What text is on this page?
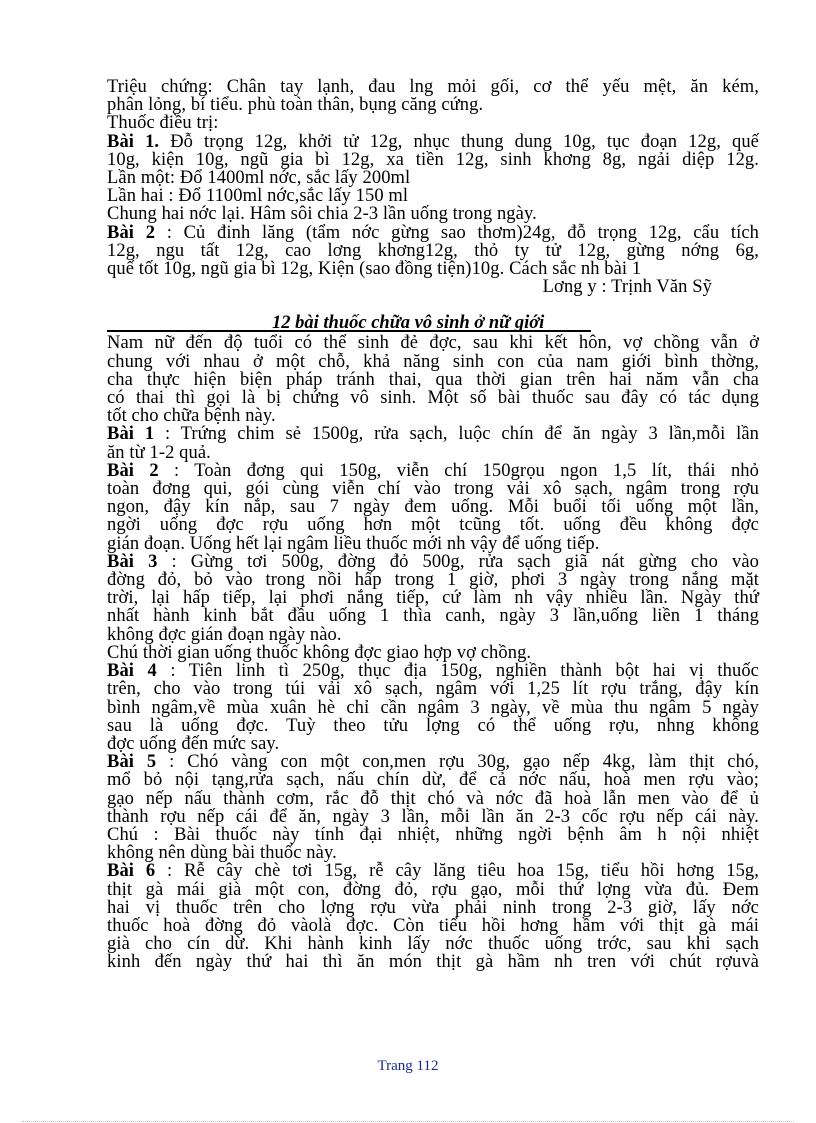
Triệu chứng: Chân tay lạnh, đau lng mỏi gối, cơ thể yếu mệt, ăn kém,
phân lỏng, bí tiểu. phù toàn thân, bụng căng cứng.
Thuốc điều trị:
Bài 1. Đỗ trọng 12g, khởi tử 12g, nhục thung dung 10g, tục đoạn 12g, quế
10g, kiện 10g, ngũ gia bì 12g, xa tiền 12g, sinh khơng 8g, ngải diệp 12g.
Lần một: Đổ 1400ml nớc, sắc lấy 200ml
Lần hai : Đổ 1100ml nớc,sắc lấy 150 ml
Chung hai nớc lại. Hâm sôi chia 2-3 lần uống trong ngày.
Bài 2 : Củ đinh lăng (tẩm nớc gừng sao thơm)24g, đỗ trọng 12g, cẩu tích
12g, ngu tất 12g, cao lơng khơng12g, thỏ ty tử 12g, gừng nớng 6g,
quế tốt 10g, ngũ gia bì 12g, Kiện (sao đồng tiện)10g. Cách sắc nh bài 1
Lơng y : Trịnh Văn Sỹ
12 bài thuốc chữa vô sinh ở nữ giới
Nam nữ đến độ tuổi có thể sinh đẻ đợc, sau khi kết hôn, vợ chồng vẫn ở
chung với nhau ở một chỗ, khả năng sinh con của nam giới bình thờng,
cha thực hiện biện pháp tránh thai, qua thời gian trên hai năm vẫn cha
có thai thì gọi là bị chứng vô sinh. Một số bài thuốc sau đây có tác dụng
tốt cho chữa bệnh này.
Bài 1 : Trứng chim sẻ 1500g, rửa sạch, luộc chín để ăn ngày 3 lần,mỗi lần
ăn từ 1-2 quả.
Bài 2 : Toàn đơng qui 150g, viễn chí 150grọu ngon 1,5 lít, thái nhỏ
toàn đơng qui, gói cùng viễn chí vào trong vải xô sạch, ngâm trong rợu
ngon, đậy kín nắp, sau 7 ngày đem uống. Mỗi buổi tối uống một lần,
ngời uống đợc rợu uống hơn một tcũng tốt. uống đều không đợc
gián đoạn. Uống hết lại ngâm liều thuốc mới nh vậy để uống tiếp.
Bài 3 : Gừng tơi 500g, đờng đỏ 500g, rửa sạch giã nát gừng cho vào
đờng đỏ, bỏ vào trong nồi hấp trong 1 giờ, phơi 3 ngày trong nắng mặt
trời, lại hấp tiếp, lại phơi nắng tiếp, cứ làm nh vậy nhiều lần. Ngày thứ
nhất hành kinh bắt đầu uống 1 thìa canh, ngày 3 lần,uống liền 1 tháng
không đợc gián đoạn ngày nào.
Chú thời gian uống thuốc không đợc giao hợp vợ chồng.
Bài 4 : Tiên linh tì 250g, thục địa 150g, nghiền thành bột hai vị thuốc
trên, cho vào trong túi vải xô sạch, ngâm với 1,25 lít rợu trắng, đậy kín
bình ngâm,về mùa xuân hè chỉ cần ngâm 3 ngày, về mùa thu ngâm 5 ngày
sau là uống đợc. Tuỳ theo tửu lợng có thể uống rợu, nhng không
đợc uống đến mức say.
Bài 5 : Chó vàng con một con,men rợu 30g, gạo nếp 4kg, làm thịt chó,
mổ bỏ nội tạng,rửa sạch, nấu chín dừ, để cả nớc nấu, hoà men rợu vào;
gạo nếp nấu thành cơm, rắc đỗ thịt chó và nớc đã hoà lẫn men vào để ủ
thành rợu nếp cái để ăn, ngày 3 lần, mỗi lần ăn 2-3 cốc rợu nếp cái này.
Chú : Bài thuốc này tính đại nhiệt, những ngời bệnh âm h nội nhiệt
không nên dùng bài thuốc này.
Bài 6 : Rễ cây chè tơi 15g, rễ cây lăng tiêu hoa 15g, tiểu hồi hơng 15g,
thịt gà mái già một con, đờng đỏ, rợu gạo, mỗi thứ lợng vừa đủ. Đem
hai vị thuốc trên cho lợng rợu vừa phải ninh trong 2-3 giờ, lấy nớc
thuốc hoà đờng đỏ vàolà đợc. Còn tiểu hồi hơng hầm với thịt gà mái
già cho cín dừ. Khi hành kinh lấy nớc thuốc uống trớc, sau khi sạch
kinh đến ngày thứ hai thì ăn món thịt gà hầm nh tren với chút rợuvà
Trang 112
